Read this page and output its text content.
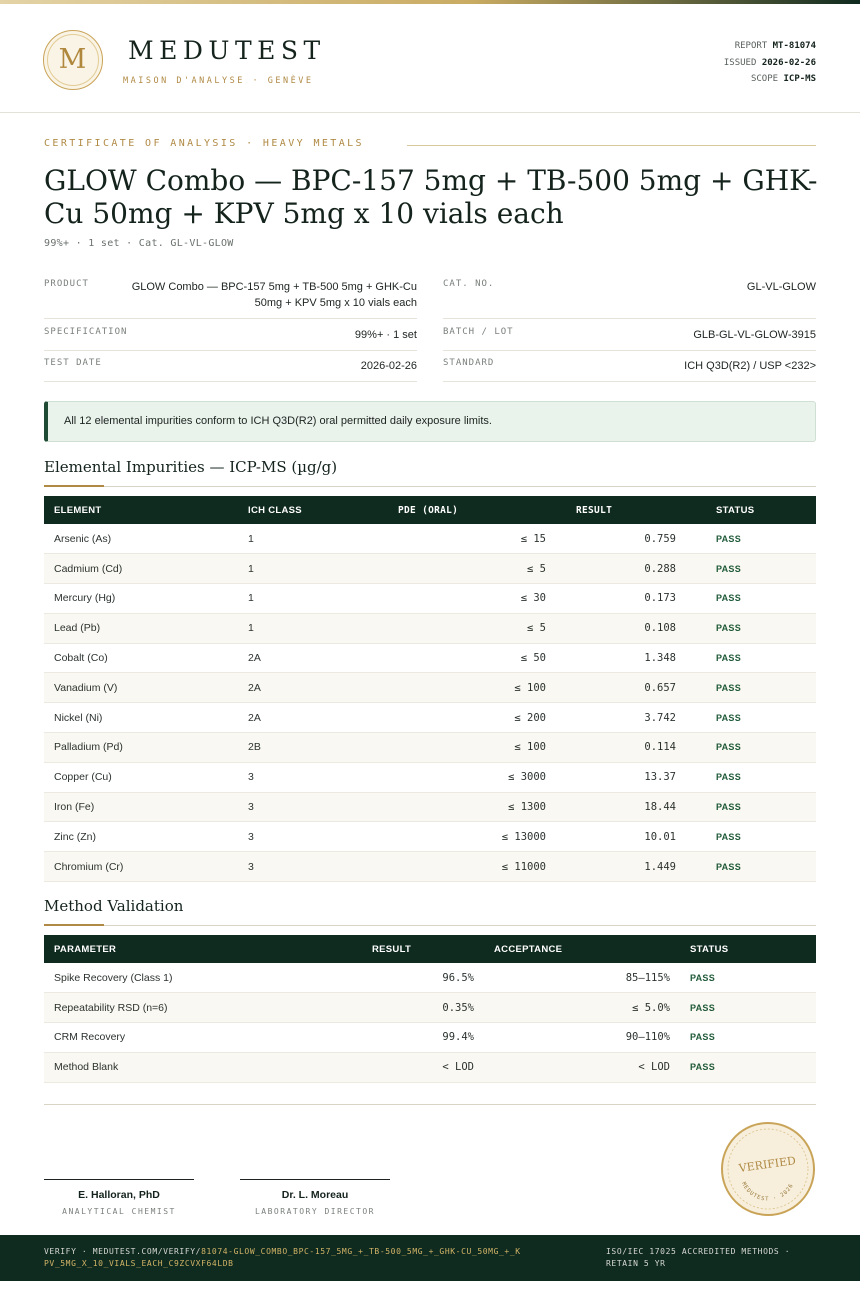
M	MEDUTEST
MAISON D'ANALYSE · GENÈVE
REPORT MT-81074
ISSUED 2026-02-26
SCOPE ICP-MS
CERTIFICATE OF ANALYSIS · HEAVY METALS
GLOW Combo — BPC-157 5mg + TB-500 5mg + GHK-Cu 50mg + KPV 5mg x 10 vials each
99%+ · 1 set · Cat. GL-VL-GLOW
PRODUCT	GLOW Combo — BPC-157 5mg + TB-500 5mg + GHK-Cu 50mg + KPV 5mg x 10 vials each
SPECIFICATION	99%+ · 1 set
TEST DATE	2026-02-26
CAT. NO.	GL-VL-GLOW
BATCH / LOT	GLB-GL-VL-GLOW-3915
STANDARD	ICH Q3D(R2) / USP <232>
All 12 elemental impurities conform to ICH Q3D(R2) oral permitted daily exposure limits.
Elemental Impurities — ICP-MS (µg/g)
ELEMENT	ICH CLASS	PDE (ORAL)	RESULT	STATUS
Arsenic (As)	1	≤ 15	0.759	PASS
Cadmium (Cd)	1	≤ 5	0.288	PASS
Mercury (Hg)	1	≤ 30	0.173	PASS
Lead (Pb)	1	≤ 5	0.108	PASS
Cobalt (Co)	2A	≤ 50	1.348	PASS
Vanadium (V)	2A	≤ 100	0.657	PASS
Nickel (Ni)	2A	≤ 200	3.742	PASS
Palladium (Pd)	2B	≤ 100	0.114	PASS
Copper (Cu)	3	≤ 3000	13.37	PASS
Iron (Fe)	3	≤ 1300	18.44	PASS
Zinc (Zn)	3	≤ 13000	10.01	PASS
Chromium (Cr)	3	≤ 11000	1.449	PASS
Method Validation
PARAMETER	RESULT	ACCEPTANCE	STATUS
Spike Recovery (Class 1)	96.5%	85–115%	PASS
Repeatability RSD (n=6)	0.35%	≤ 5.0%	PASS
CRM Recovery	99.4%	90–110%	PASS
Method Blank	< LOD	< LOD	PASS
E. Halloran, PhD
ANALYTICAL CHEMIST
Dr. L. Moreau
LABORATORY DIRECTOR
VERIFIED
MEDUTEST · 2026
VERIFY · MEDUTEST.COM/VERIFY/81074-GLOW_COMBO_BPC-157_5MG_+_TB-500_5MG_+_GHK-CU_50MG_+_KPV_5MG_X_10_VIALS_EACH_C9ZCVXF64LDB
ISO/IEC 17025 ACCREDITED METHODS · RETAIN 5 YR
